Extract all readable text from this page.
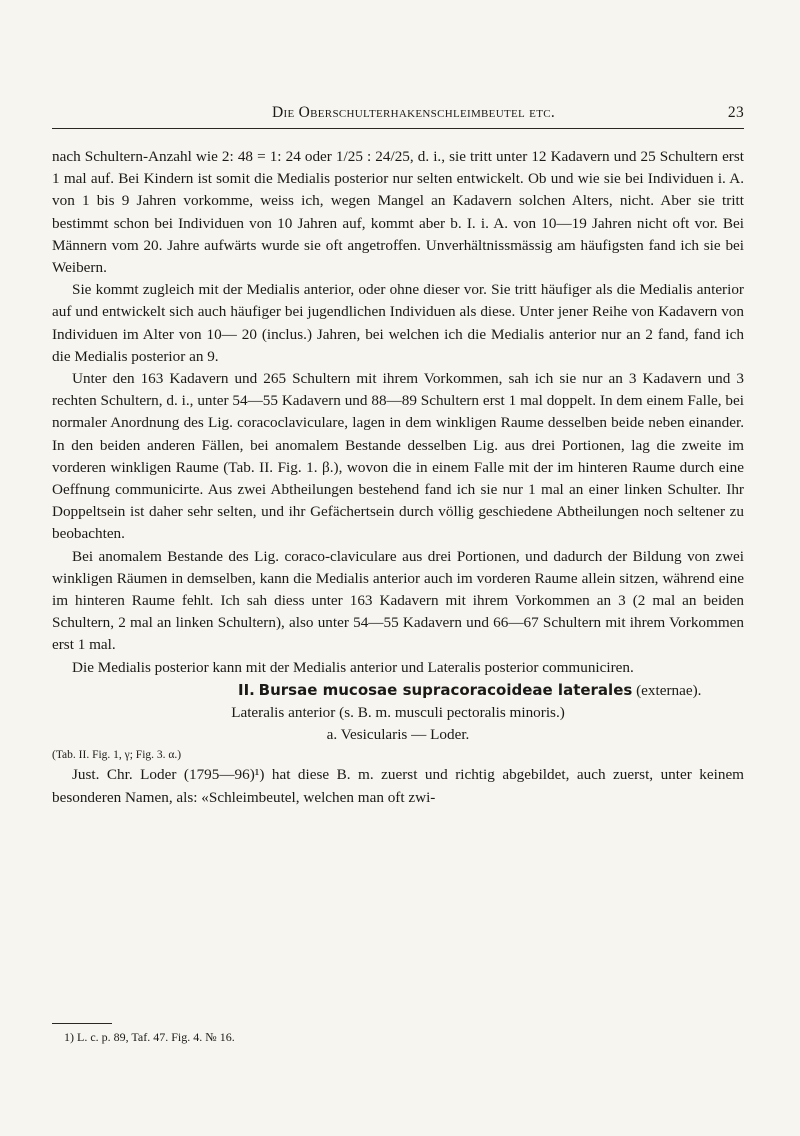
Die Oberschulterhakenschleimbeutel etc.	23

nach Schultern-Anzahl wie 2: 48 = 1: 24 oder 1/25 : 24/25, d. i., sie tritt unter 12 Kadavern und 25 Schultern erst 1 mal auf. Bei Kindern ist somit die Medialis posterior nur selten entwickelt. Ob und wie sie bei Individuen i. A. von 1 bis 9 Jahren vorkomme, weiss ich, wegen Mangel an Kadavern solchen Alters, nicht. Aber sie tritt bestimmt schon bei Individuen von 10 Jahren auf, kommt aber b. I. i. A. von 10—19 Jahren nicht oft vor. Bei Männern vom 20. Jahre aufwärts wurde sie oft angetroffen. Unverhältnissmässig am häufigsten fand ich sie bei Weibern.

Sie kommt zugleich mit der Medialis anterior, oder ohne dieser vor. Sie tritt häufiger als die Medialis anterior auf und entwickelt sich auch häufiger bei jugendlichen Individuen als diese. Unter jener Reihe von Kadavern von Individuen im Alter von 10— 20 (inclus.) Jahren, bei welchen ich die Medialis anterior nur an 2 fand, fand ich die Medialis posterior an 9.

Unter den 163 Kadavern und 265 Schultern mit ihrem Vorkommen, sah ich sie nur an 3 Kadavern und 3 rechten Schultern, d. i., unter 54—55 Kadavern und 88—89 Schultern erst 1 mal doppelt. In dem einem Falle, bei normaler Anordnung des Lig. coracoclaviculare, lagen in dem winkligen Raume desselben beide neben einander. In den beiden anderen Fällen, bei anomalem Bestande desselben Lig. aus drei Portionen, lag die zweite im vorderen winkligen Raume (Tab. II. Fig. 1. β.), wovon die in einem Falle mit der im hinteren Raume durch eine Oeffnung communicirte. Aus zwei Abtheilungen bestehend fand ich sie nur 1 mal an einer linken Schulter. Ihr Doppeltsein ist daher sehr selten, und ihr Gefächertsein durch völlig geschiedene Abtheilungen noch seltener zu beobachten.

Bei anomalem Bestande des Lig. coraco-claviculare aus drei Portionen, und dadurch der Bildung von zwei winkligen Räumen in demselben, kann die Medialis anterior auch im vorderen Raume allein sitzen, während eine im hinteren Raume fehlt. Ich sah diess unter 163 Kadavern mit ihrem Vorkommen an 3 (2 mal an beiden Schultern, 2 mal an linken Schultern), also unter 54—55 Kadavern und 66—67 Schultern mit ihrem Vorkommen erst 1 mal.

Die Medialis posterior kann mit der Medialis anterior und Lateralis posterior communiciren.

II. Bursae mucosae supracoracoideae laterales (externae).

Lateralis anterior (s. B. m. musculi pectoralis minoris.)

a. Vesicularis — Loder.

(Tab. II. Fig. 1, γ; Fig. 3. α.)

Just. Chr. Loder (1795—96)¹) hat diese B. m. zuerst und richtig abgebildet, auch zuerst, unter keinem besonderen Namen, als: «Schleimbeutel, welchen man oft zwi-

1) L. c. p. 89, Taf. 47. Fig. 4. № 16.
